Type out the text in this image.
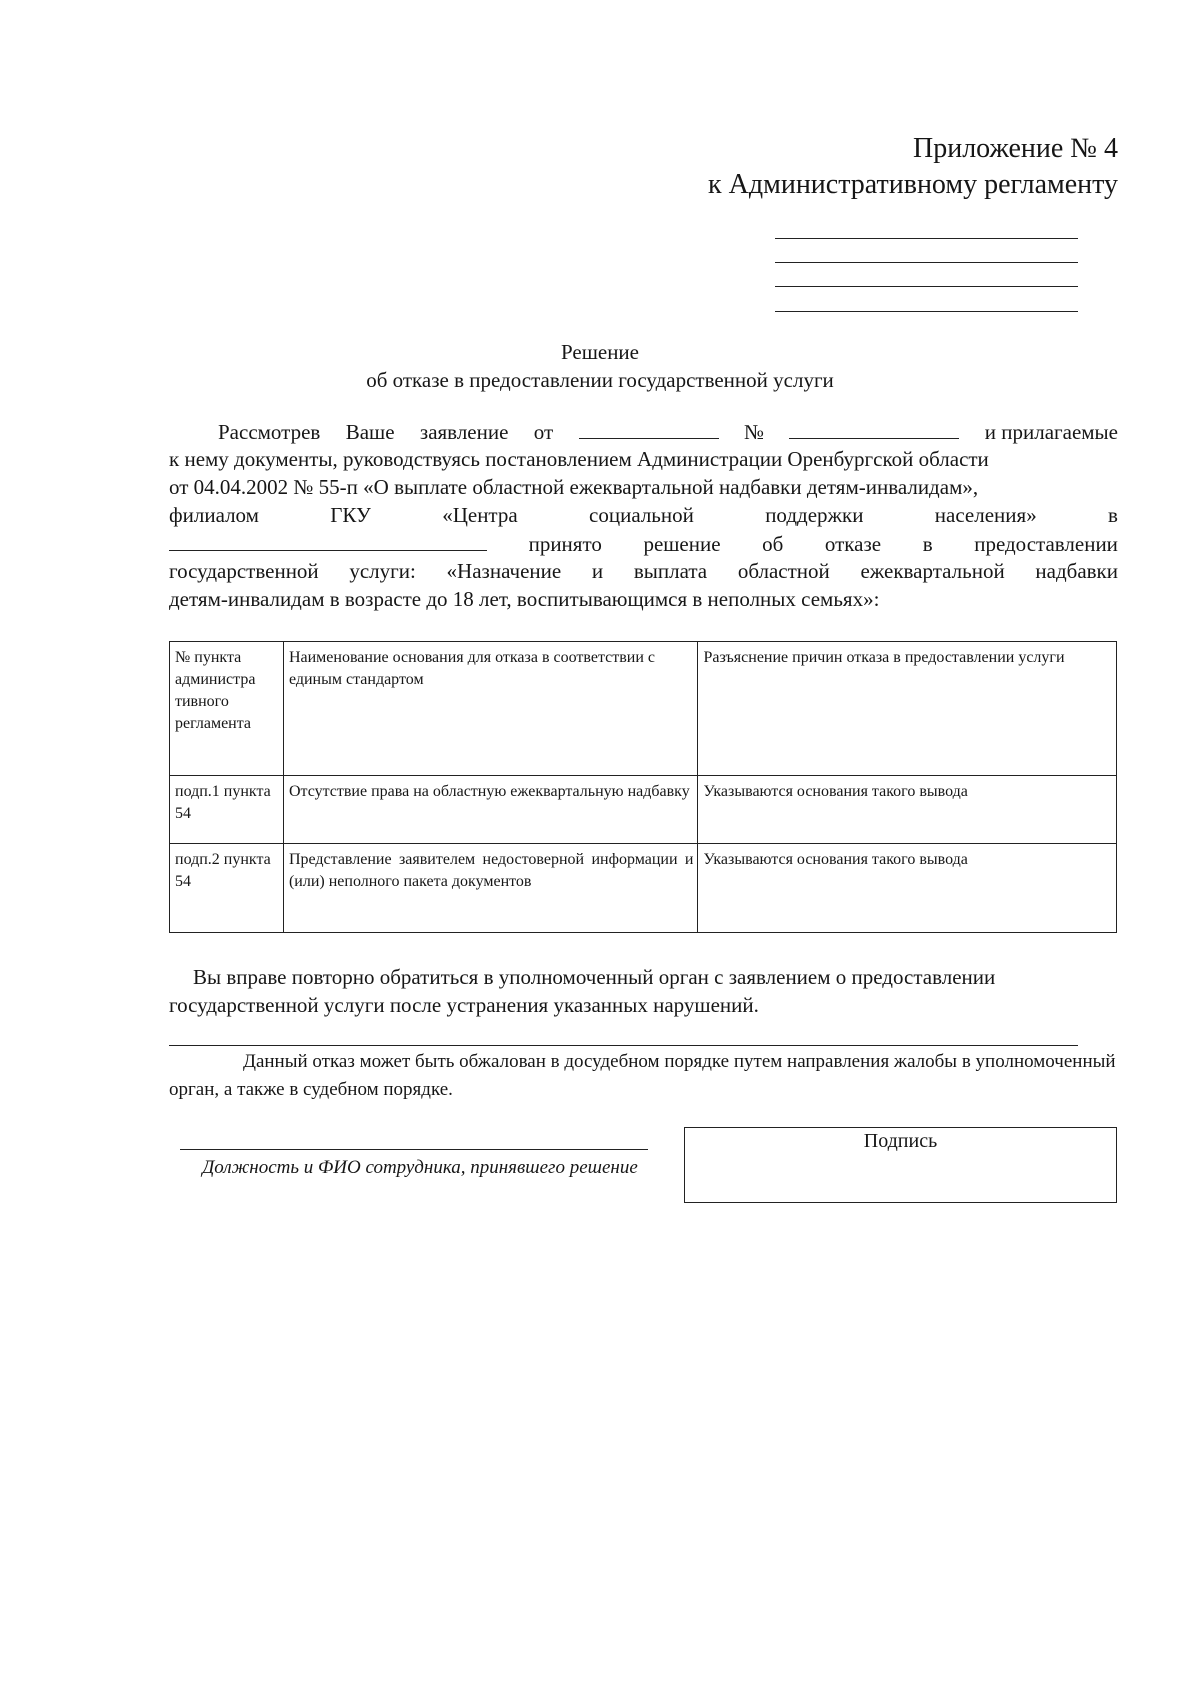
Приложение № 4
к Административному регламенту
Решение
об отказе в предоставлении государственной услуги
Рассмотрев Ваше заявление от	№	и прилагаемые
к нему документы, руководствуясь постановлением Администрации Оренбургской области
от 04.04.2002 № 55-п «О выплате областной ежеквартальной надбавки детям-инвалидам»,
филиалом	ГКУ	«Центра	социальной	поддержки	населения»	в
принято решение об отказе в предоставлении
государственной услуги: «Назначение и выплата областной ежеквартальной надбавки
детям-инвалидам в возрасте до 18 лет, воспитывающимся в неполных семьях»:
№ пункта администра тивного регламента	Наименование основания для отказа в соответствии с единым стандартом	Разъяснение причин отказа в предоставлении услуги
подп.1 пункта 54	Отсутствие права на областную ежеквартальную надбавку	Указываются основания такого вывода
подп.2 пункта 54	Представление заявителем недостоверной информации и (или) неполного пакета документов	Указываются основания такого вывода
Вы вправе повторно обратиться в уполномоченный орган с заявлением о предоставлении государственной услуги после устранения указанных нарушений.
Данный отказ может быть обжалован в досудебном порядке путем направления жалобы в уполномоченный орган, а также в судебном порядке.
Должность и ФИО сотрудника, принявшего решение
Подпись
